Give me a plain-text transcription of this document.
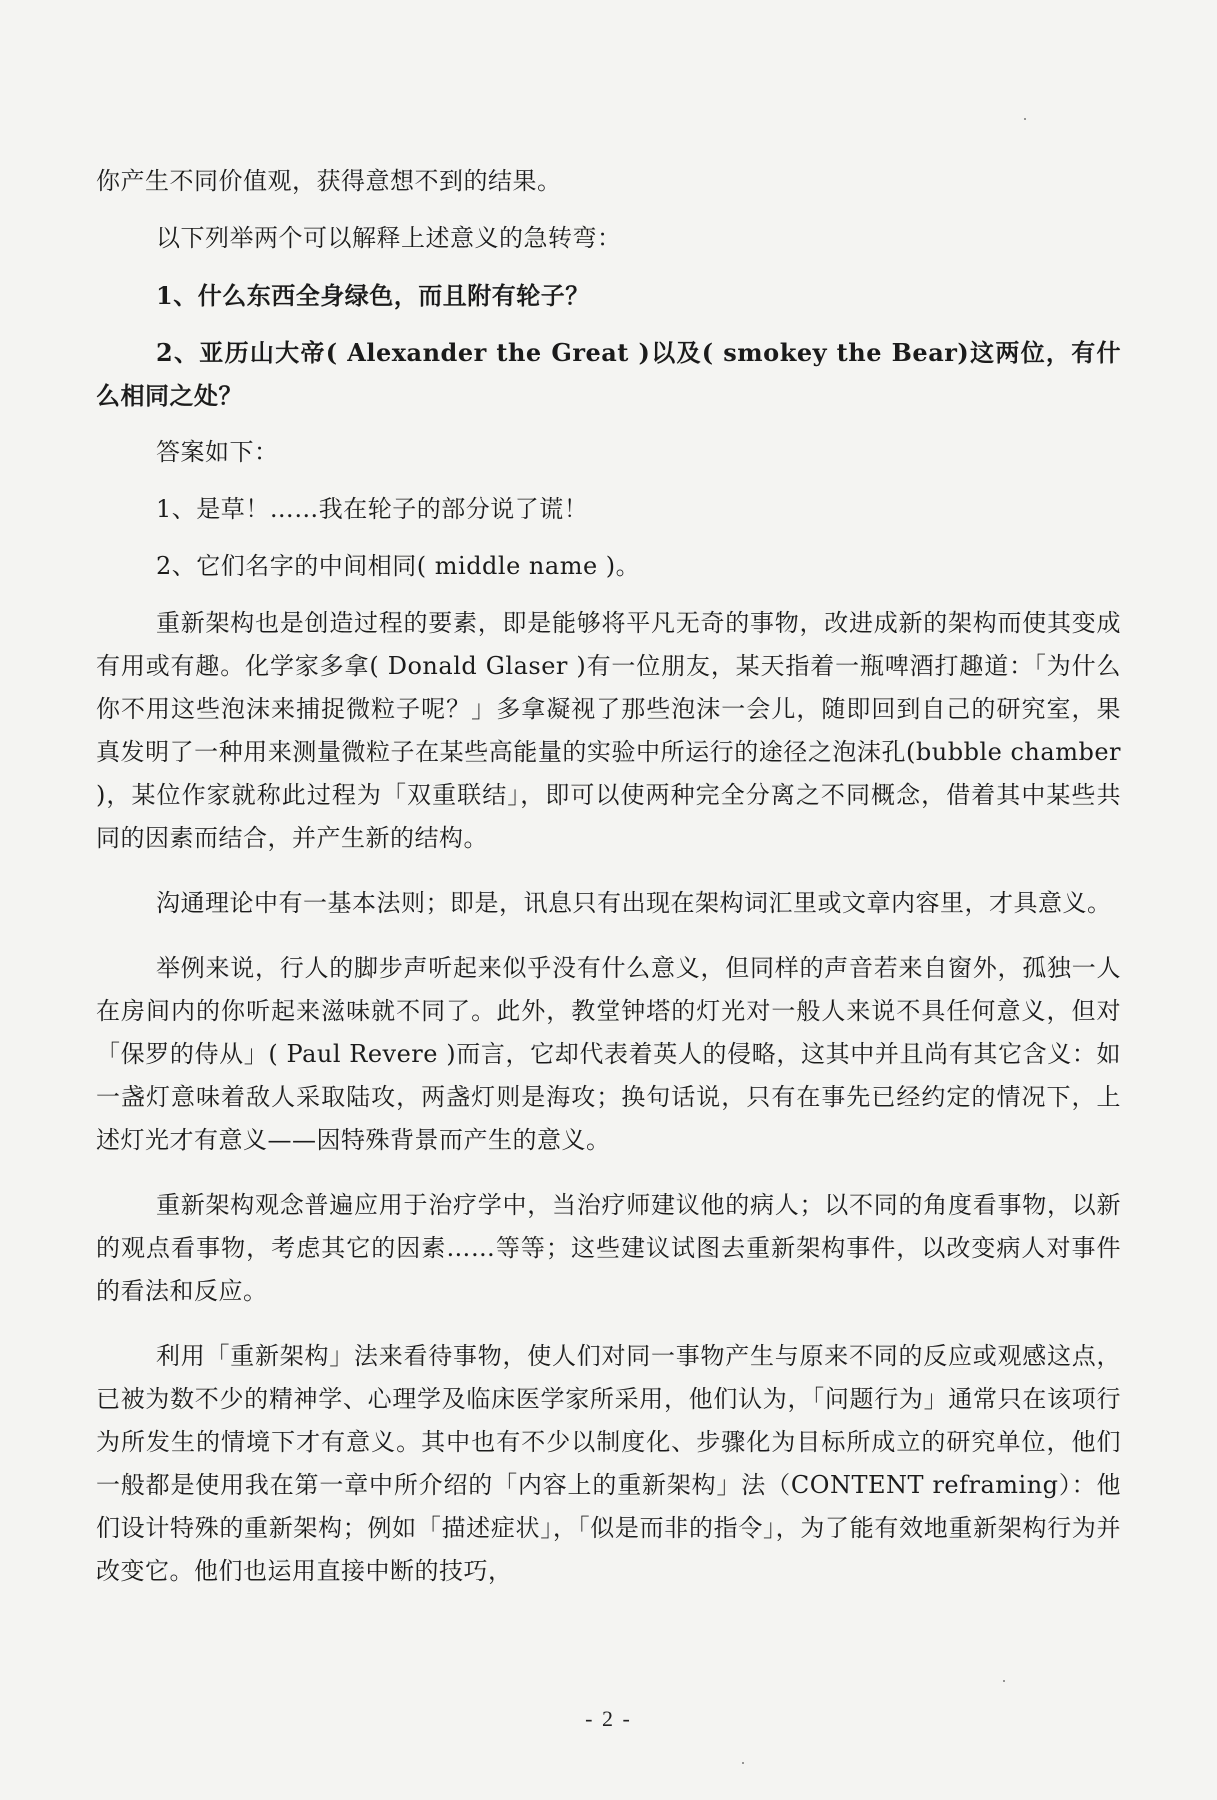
你产生不同价值观，获得意想不到的结果。

以下列举两个可以解释上述意义的急转弯：

1、什么东西全身绿色，而且附有轮子？

2、亚历山大帝( Alexander the Great )以及( smokey the Bear)这两位，有什么相同之处？

答案如下：

1、是草！……我在轮子的部分说了谎！

2、它们名字的中间相同( middle name )。

重新架构也是创造过程的要素，即是能够将平凡无奇的事物，改进成新的架构而使其变成有用或有趣。化学家多拿( Donald Glaser )有一位朋友，某天指着一瓶啤酒打趣道：「为什么你不用这些泡沫来捕捉微粒子呢？」多拿凝视了那些泡沫一会儿，随即回到自己的研究室，果真发明了一种用来测量微粒子在某些高能量的实验中所运行的途径之泡沫孔(bubble chamber )，某位作家就称此过程为「双重联结」，即可以使两种完全分离之不同概念，借着其中某些共同的因素而结合，并产生新的结构。

沟通理论中有一基本法则；即是，讯息只有出现在架构词汇里或文章内容里，才具意义。

举例来说，行人的脚步声听起来似乎没有什么意义，但同样的声音若来自窗外，孤独一人在房间内的你听起来滋味就不同了。此外，教堂钟塔的灯光对一般人来说不具任何意义，但对「保罗的侍从」( Paul Revere )而言，它却代表着英人的侵略，这其中并且尚有其它含义：如一盏灯意味着敌人采取陆攻，两盏灯则是海攻；换句话说，只有在事先已经约定的情况下，上述灯光才有意义——因特殊背景而产生的意义。

重新架构观念普遍应用于治疗学中，当治疗师建议他的病人；以不同的角度看事物，以新的观点看事物，考虑其它的因素……等等；这些建议试图去重新架构事件，以改变病人对事件的看法和反应。

利用「重新架构」法来看待事物，使人们对同一事物产生与原来不同的反应或观感这点，已被为数不少的精神学、心理学及临床医学家所采用，他们认为，「问题行为」通常只在该项行为所发生的情境下才有意义。其中也有不少以制度化、步骤化为目标所成立的研究单位，他们一般都是使用我在第一章中所介绍的「内容上的重新架构」法（CONTENT reframing）：他们设计特殊的重新架构；例如「描述症状」，「似是而非的指令」，为了能有效地重新架构行为并改变它。他们也运用直接中断的技巧，

- 2 -
